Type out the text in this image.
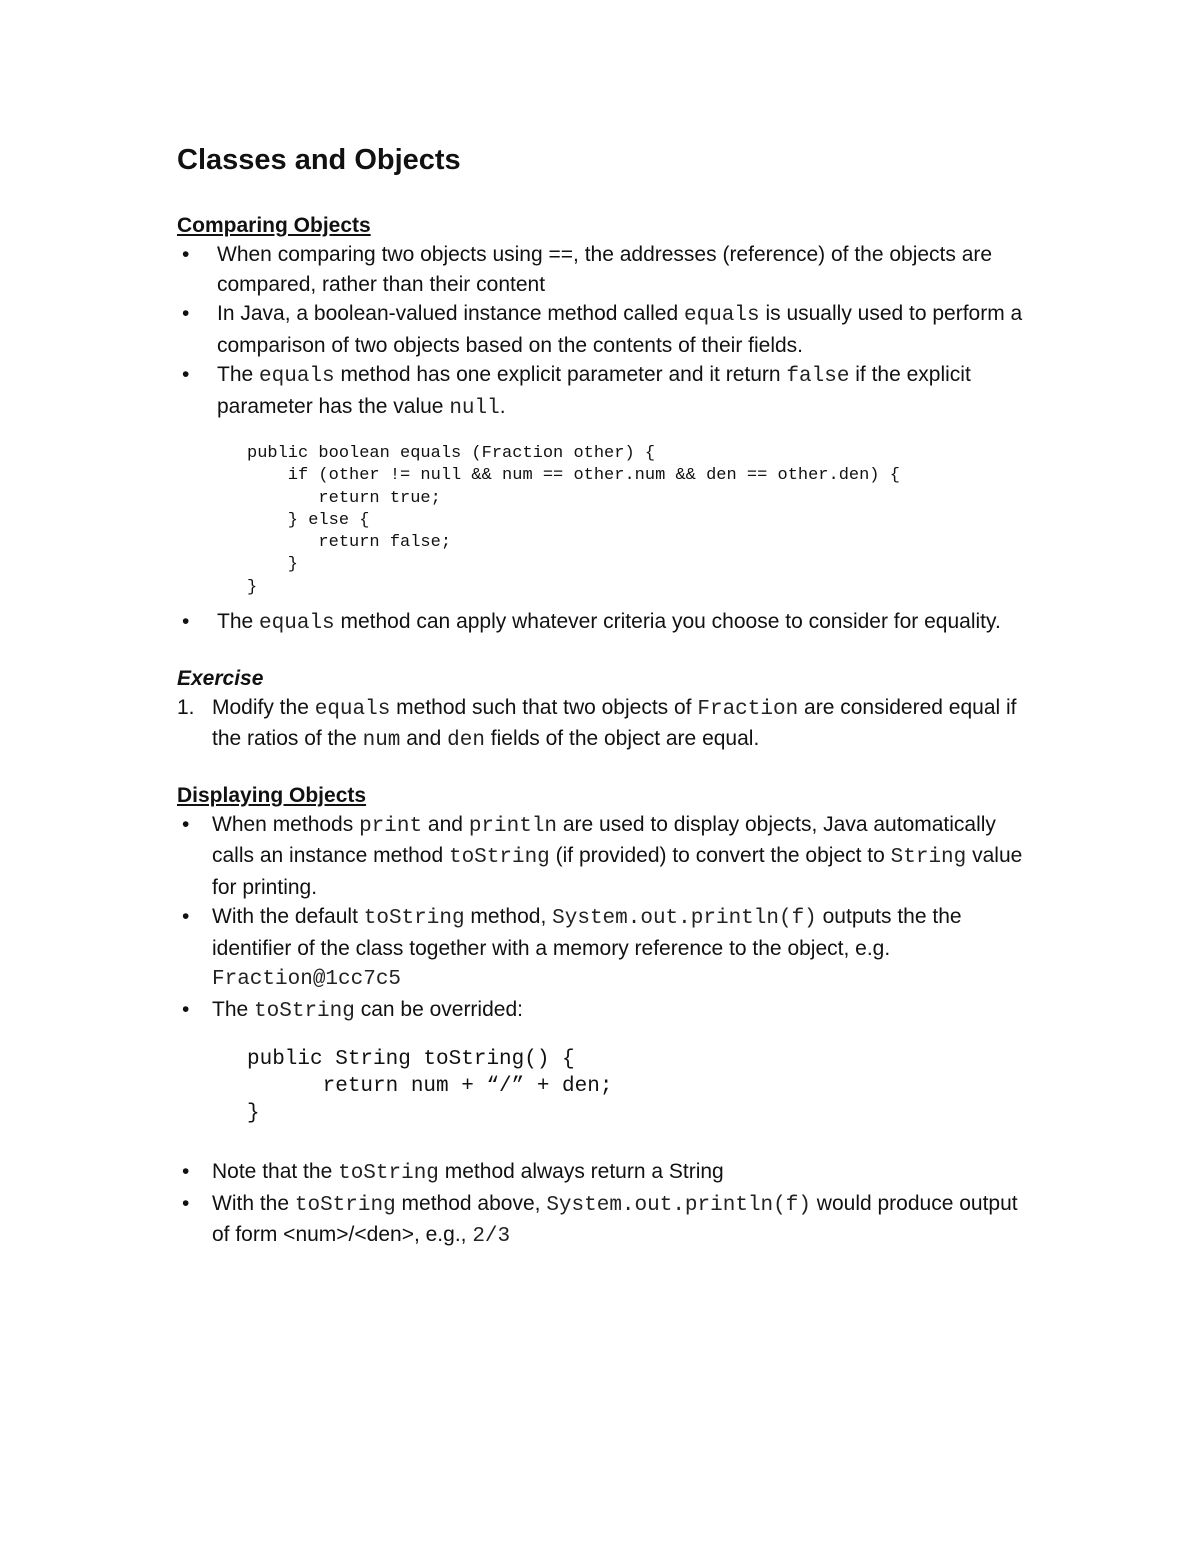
Classes and Objects
Comparing Objects
• When comparing two objects using ==, the addresses (reference) of the objects are compared, rather than their content
• In Java, a boolean-valued instance method called equals is usually used to perform a comparison of two objects based on the contents of their fields.
• The equals method has one explicit parameter and it return false if the explicit parameter has the value null.
public boolean equals (Fraction other) {
if (other != null && num == other.num && den == other.den) {
return true;
} else {
return false;
}
}
• The equals method can apply whatever criteria you choose to consider for equality.
Exercise
1. Modify the equals method such that two objects of Fraction are considered equal if the ratios of the num and den fields of the object are equal.
Displaying Objects
• When methods print and println are used to display objects, Java automatically calls an instance method toString (if provided) to convert the object to String value for printing.
• With the default toString method, System.out.println(f) outputs the the identifier of the class together with a memory reference to the object, e.g. Fraction@1cc7c5
• The toString can be overrided:
public String toString() {
return num + “/” + den;
}
• Note that the toString method always return a String
• With the toString method above, System.out.println(f) would produce output of form <num>/<den>, e.g., 2/3
